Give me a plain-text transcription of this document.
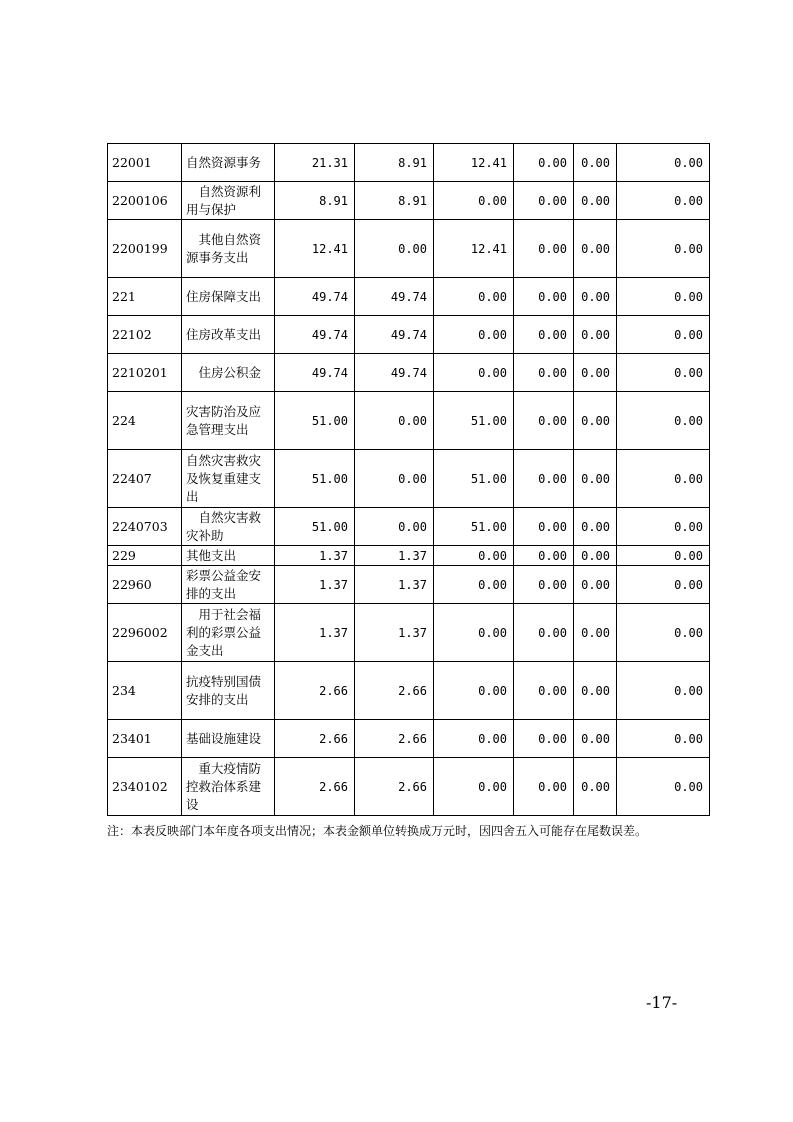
22001	自然资源事务	21.31	8.91	12.41	0.00	0.00	0.00
2200106	自然资源利用与保护	8.91	8.91	0.00	0.00	0.00	0.00
2200199	其他自然资源事务支出	12.41	0.00	12.41	0.00	0.00	0.00
221	住房保障支出	49.74	49.74	0.00	0.00	0.00	0.00
22102	住房改革支出	49.74	49.74	0.00	0.00	0.00	0.00
2210201	住房公积金	49.74	49.74	0.00	0.00	0.00	0.00
224	灾害防治及应急管理支出	51.00	0.00	51.00	0.00	0.00	0.00
22407	自然灾害救灾及恢复重建支出	51.00	0.00	51.00	0.00	0.00	0.00
2240703	自然灾害救灾补助	51.00	0.00	51.00	0.00	0.00	0.00
229	其他支出	1.37	1.37	0.00	0.00	0.00	0.00
22960	彩票公益金安排的支出	1.37	1.37	0.00	0.00	0.00	0.00
2296002	用于社会福利的彩票公益金支出	1.37	1.37	0.00	0.00	0.00	0.00
234	抗疫特别国债安排的支出	2.66	2.66	0.00	0.00	0.00	0.00
23401	基础设施建设	2.66	2.66	0.00	0.00	0.00	0.00
2340102	重大疫情防控救治体系建设	2.66	2.66	0.00	0.00	0.00	0.00
注：本表反映部门本年度各项支出情况；本表金额单位转换成万元时，因四舍五入可能存在尾数误差。
-17-
